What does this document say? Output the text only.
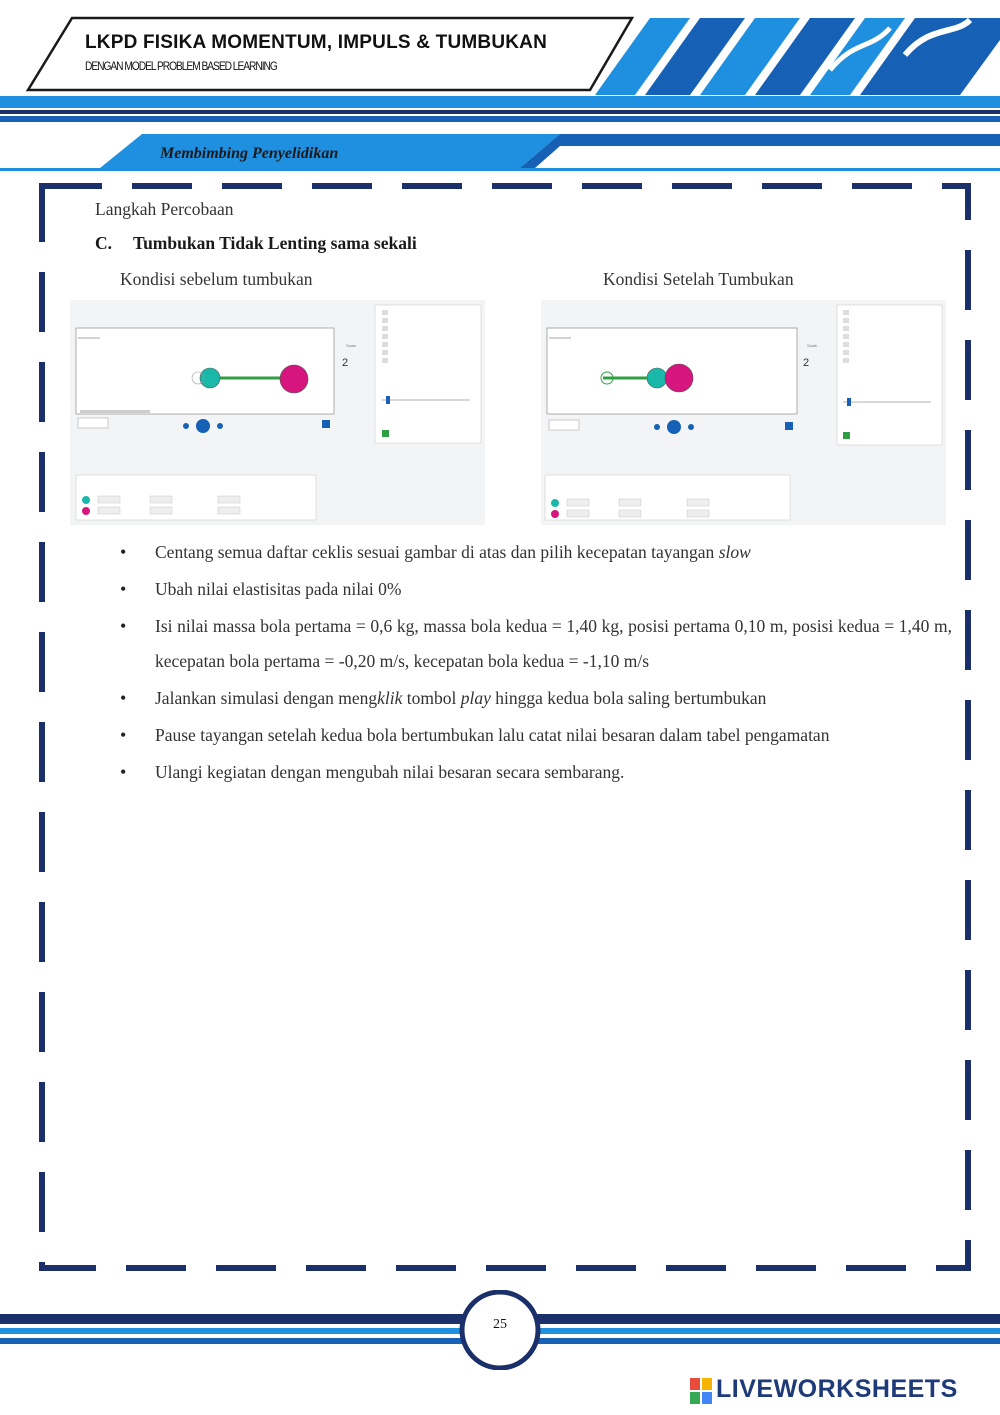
LKPD FISIKA MOMENTUM, IMPULS & TUMBUKAN
DENGAN MODEL PROBLEM BASED LEARNING
Membimbing Penyelidikan
Langkah Percobaan
C. Tumbukan Tidak Lenting sama sekali
Kondisi sebelum tumbukan	Kondisi Setelah Tumbukan
Scale
2
Scale
2
• Centang semua daftar ceklis sesuai gambar di atas dan pilih kecepatan tayangan slow
• Ubah nilai elastisitas pada nilai 0%
• Isi nilai massa bola pertama = 0,6 kg, massa bola kedua = 1,40 kg, posisi pertama 0,10 m, posisi kedua = 1,40 m, kecepatan bola pertama = -0,20 m/s, kecepatan bola kedua = -1,10 m/s
• Jalankan simulasi dengan mengklik tombol play hingga kedua bola saling bertumbukan
• Pause tayangan setelah kedua bola bertumbukan lalu catat nilai besaran dalam tabel pengamatan
• Ulangi kegiatan dengan mengubah nilai besaran secara sembarang.
25
LIVEWORKSHEETS
